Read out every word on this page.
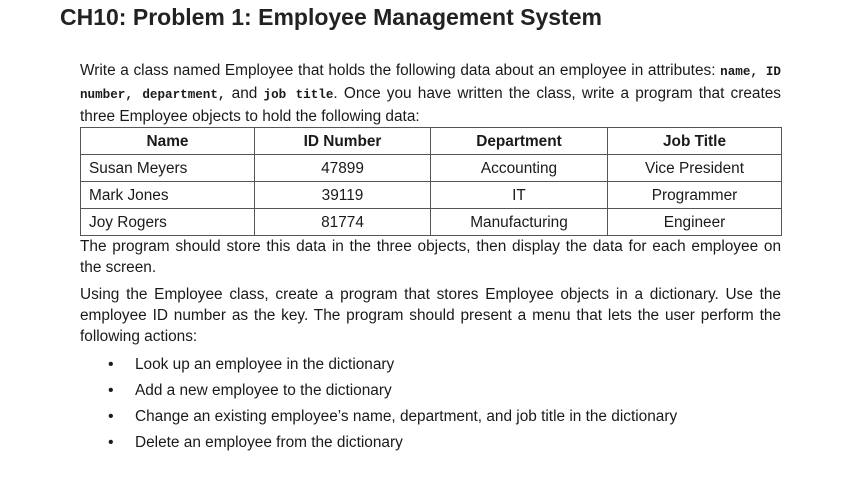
CH10: Problem 1: Employee Management System

Write a class named Employee that holds the following data about an employee in attributes: name, ID number, department, and job title. Once you have written the class, write a program that creates three Employee objects to hold the following data:

Name	ID Number	Department	Job Title
Susan Meyers	47899	Accounting	Vice President
Mark Jones	39119	IT	Programmer
Joy Rogers	81774	Manufacturing	Engineer

The program should store this data in the three objects, then display the data for each employee on the screen.

Using the Employee class, create a program that stores Employee objects in a dictionary. Use the employee ID number as the key. The program should present a menu that lets the user perform the following actions:

• Look up an employee in the dictionary
• Add a new employee to the dictionary
• Change an existing employee’s name, department, and job title in the dictionary
• Delete an employee from the dictionary
